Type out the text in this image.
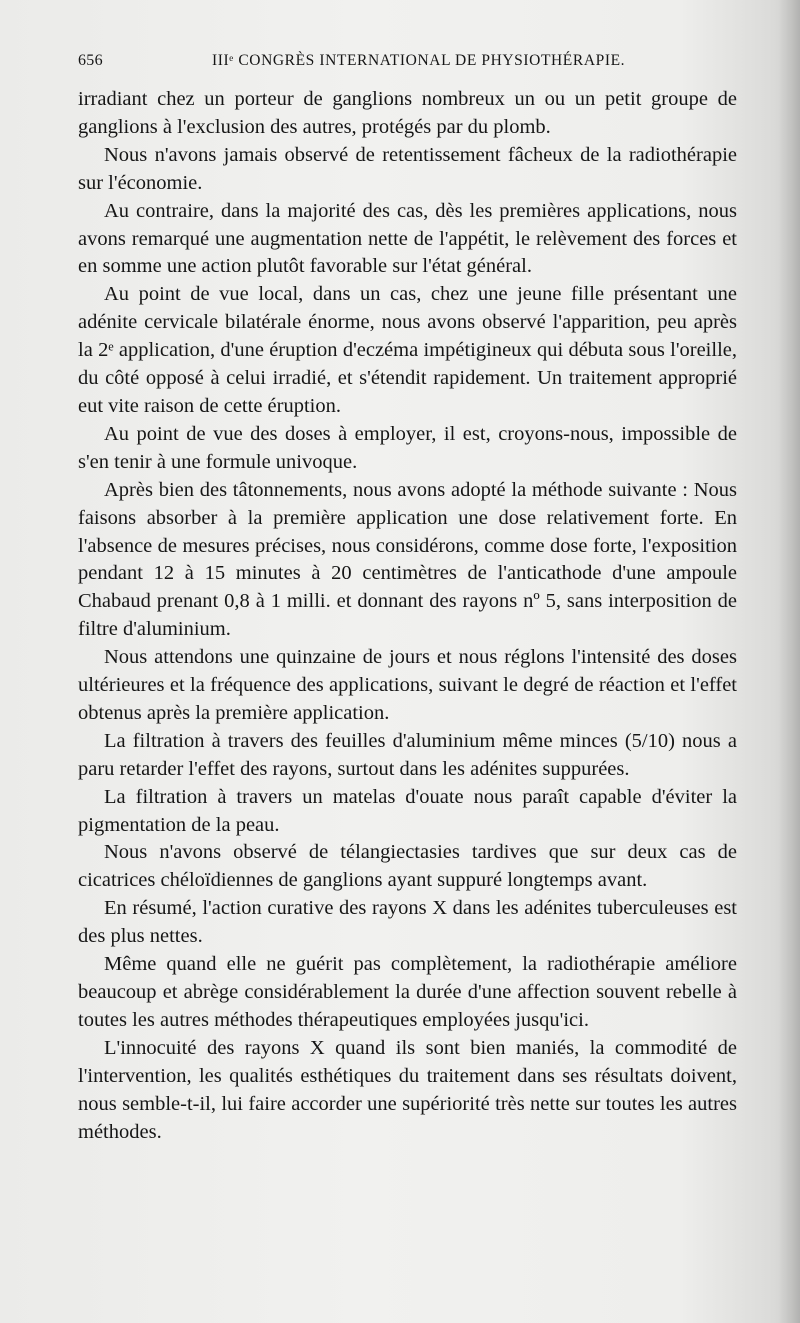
656	IIIᵉ CONGRÈS INTERNATIONAL DE PHYSIOTHÉRAPIE.

irradiant chez un porteur de ganglions nombreux un ou un petit groupe de ganglions à l'exclusion des autres, protégés par du plomb.

Nous n'avons jamais observé de retentissement fâcheux de la radiothérapie sur l'économie.

Au contraire, dans la majorité des cas, dès les premières applications, nous avons remarqué une augmentation nette de l'appétit, le relèvement des forces et en somme une action plutôt favorable sur l'état général.

Au point de vue local, dans un cas, chez une jeune fille présentant une adénite cervicale bilatérale énorme, nous avons observé l'apparition, peu après la 2ᵉ application, d'une éruption d'eczéma impétigineux qui débuta sous l'oreille, du côté opposé à celui irradié, et s'étendit rapidement. Un traitement approprié eut vite raison de cette éruption.

Au point de vue des doses à employer, il est, croyons-nous, impossible de s'en tenir à une formule univoque.

Après bien des tâtonnements, nous avons adopté la méthode suivante : Nous faisons absorber à la première application une dose relativement forte. En l'absence de mesures précises, nous considérons, comme dose forte, l'exposition pendant 12 à 15 minutes à 20 centimètres de l'anticathode d'une ampoule Chabaud prenant 0,8 à 1 milli. et donnant des rayons nº 5, sans interposition de filtre d'aluminium.

Nous attendons une quinzaine de jours et nous réglons l'intensité des doses ultérieures et la fréquence des applications, suivant le degré de réaction et l'effet obtenus après la première application.

La filtration à travers des feuilles d'aluminium même minces (5/10) nous a paru retarder l'effet des rayons, surtout dans les adénites suppurées.

La filtration à travers un matelas d'ouate nous paraît capable d'éviter la pigmentation de la peau.

Nous n'avons observé de télangiectasies tardives que sur deux cas de cicatrices chéloïdiennes de ganglions ayant suppuré longtemps avant.

En résumé, l'action curative des rayons X dans les adénites tuberculeuses est des plus nettes.

Même quand elle ne guérit pas complètement, la radiothérapie améliore beaucoup et abrège considérablement la durée d'une affection souvent rebelle à toutes les autres méthodes thérapeutiques employées jusqu'ici.

L'innocuité des rayons X quand ils sont bien maniés, la commodité de l'intervention, les qualités esthétiques du traitement dans ses résultats doivent, nous semble-t-il, lui faire accorder une supériorité très nette sur toutes les autres méthodes.
